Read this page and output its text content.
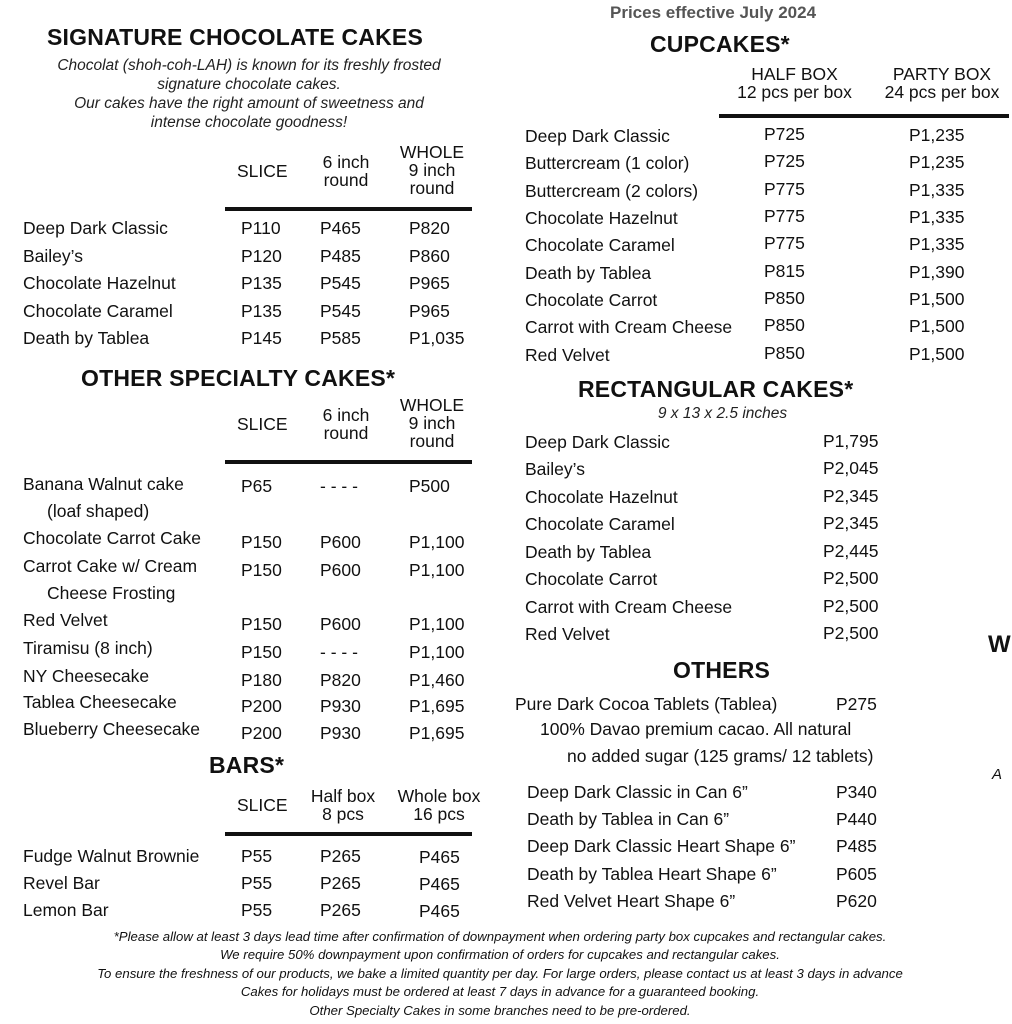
Prices effective July 2024
SIGNATURE CHOCOLATE CAKES
Chocolat (shoh-coh-LAH) is known for its freshly frosted
signature chocolate cakes.
Our cakes have the right amount of sweetness and
intense chocolate goodness!
SLICE	6 inch
round
WHOLE
9 inch
round
Deep Dark Classic	P110 P465	P820
Bailey’s	P120 P485	P860
Chocolate Hazelnut	P135 P545	P965
Chocolate Caramel	P135 P545	P965
Death by Tablea	P145 P585	P1,035
OTHER SPECIALTY CAKES*
SLICE	6 inch
round
WHOLE
9 inch
round
Banana Walnut cake
(loaf shaped)
P65	- - - -	P500
Chocolate Carrot Cake P150 P600	P1,100
Carrot Cake w/ Cream
Cheese Frosting
P150 P600	P1,100
Red Velvet	P150 P600	P1,100
Tiramisu (8 inch)	P150 - - - -	P1,100
NY Cheesecake	P180 P820	P1,460
Tablea Cheesecake	P200 P930	P1,695
Blueberry Cheesecake P200 P930	P1,695
BARS*
SLICE	Half box
8 pcs
Whole box
16 pcs
Fudge Walnut Brownie P55	P265	P465
Revel Bar	P55	P265	P465
Lemon Bar	P55	P265	P465
CUPCAKES*
HALF BOX
12 pcs per box
PARTY BOX
24 pcs per box
Deep Dark Classic	P725	P1,235
Buttercream (1 color)	P725	P1,235
Buttercream (2 colors)	P775	P1,335
Chocolate Hazelnut	P775	P1,335
Chocolate Caramel	P775	P1,335
Death by Tablea	P815	P1,390
Chocolate Carrot	P850	P1,500
Carrot with Cream Cheese P850	P1,500
Red Velvet	P850	P1,500
RECTANGULAR CAKES*
9 x 13 x 2.5 inches
Deep Dark Classic	P1,795
Bailey’s	P2,045
Chocolate Hazelnut	P2,345
Chocolate Caramel	P2,345
Death by Tablea	P2,445
Chocolate Carrot	P2,500
Carrot with Cream Cheese	P2,500
Red Velvet	P2,500
OTHERS
Pure Dark Cocoa Tablets (Tablea)	P275
100% Davao premium cacao. All natural
no added sugar (125 grams/ 12 tablets)
Deep Dark Classic in Can 6”	P340
Death by Tablea in Can 6”	P440
Deep Dark Classic Heart Shape 6” P485
Death by Tablea Heart Shape 6”	P605
Red Velvet Heart Shape 6”	P620
W
A
*Please allow at least 3 days lead time after confirmation of downpayment when ordering party box cupcakes and rectangular cakes.
We require 50% downpayment upon confirmation of orders for cupcakes and rectangular cakes.
To ensure the freshness of our products, we bake a limited quantity per day. For large orders, please contact us at least 3 days in advance
Cakes for holidays must be ordered at least 7 days in advance for a guaranteed booking.
Other Specialty Cakes in some branches need to be pre-ordered.
